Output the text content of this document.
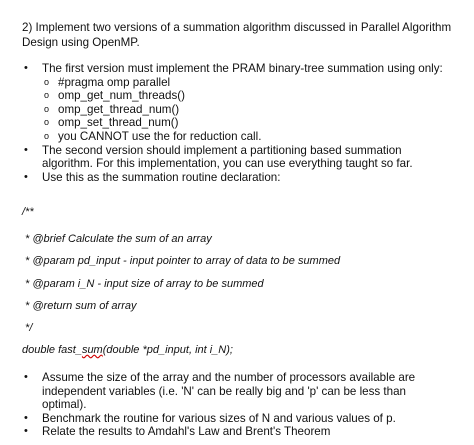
2) Implement two versions of a summation algorithm discussed in Parallel Algorithm Design using OpenMP.
• The first version must implement the PRAM binary-tree summation using only:
o #pragma omp parallel
o omp_get_num_threads()
o omp_get_thread_num()
o omp_set_thread_num()
o you CANNOT use the for reduction call.
• The second version should implement a partitioning based summation algorithm. For this implementation, you can use everything taught so far.
• Use this as the summation routine declaration:
/**
* @brief Calculate the sum of an array
* @param pd_input - input pointer to array of data to be summed
* @param i_N - input size of array to be summed
* @return sum of array
*/
double fast_sum(double *pd_input, int i_N);
• Assume the size of the array and the number of processors available are independent variables (i.e. 'N' can be really big and 'p' can be less than optimal).
• Benchmark the routine for various sizes of N and various values of p.
• Relate the results to Amdahl's Law and Brent's Theorem
